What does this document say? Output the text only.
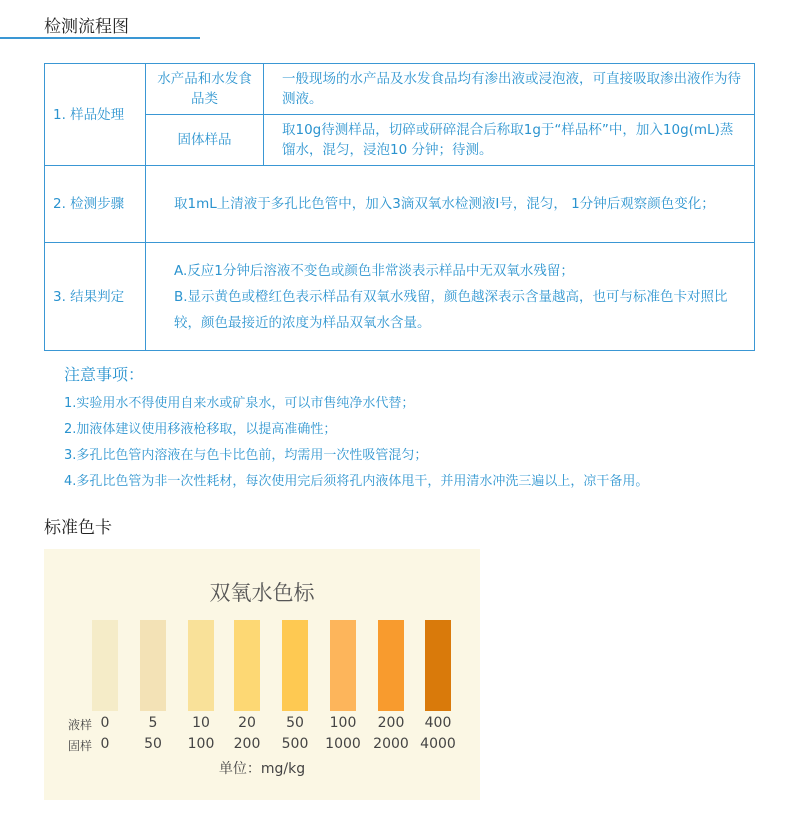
检测流程图
1. 样品处理	水产品和水发食品类	一般现场的水产品及水发食品均有渗出液或浸泡液，可直接吸取渗出液作为待测液。
	固体样品	取10g待测样品，切碎或研碎混合后称取1g于“样品杯”中，加入10g(mL)蒸馏水，混匀，浸泡10 分钟；待测。
2. 检测步骤	取1mL上清液于多孔比色管中，加入3滴双氧水检测液Ⅰ号，混匀， 1分钟后观察颜色变化；	
3. 结果判定	A.反应1分钟后溶液不变色或颜色非常淡表示样品中无双氧水残留；
B.显示黄色或橙红色表示样品有双氧水残留，颜色越深表示含量越高，也可与标准色卡对照比较，颜色最接近的浓度为样品双氧水含量。	
注意事项：
1.实验用水不得使用自来水或矿泉水，可以市售纯净水代替；
2.加液体建议使用移液枪移取，以提高准确性；
3.多孔比色管内溶液在与色卡比色前，均需用一次性吸管混匀；
4.多孔比色管为非一次性耗材，每次使用完后须将孔内液体甩干，并用清水冲洗三遍以上，凉干备用。
标准色卡
双氧水色标
液样
固样
0	5	10	20	50	100	200	400
0	50	100	200	500	1000 2000 4000
单位：mg/kg
